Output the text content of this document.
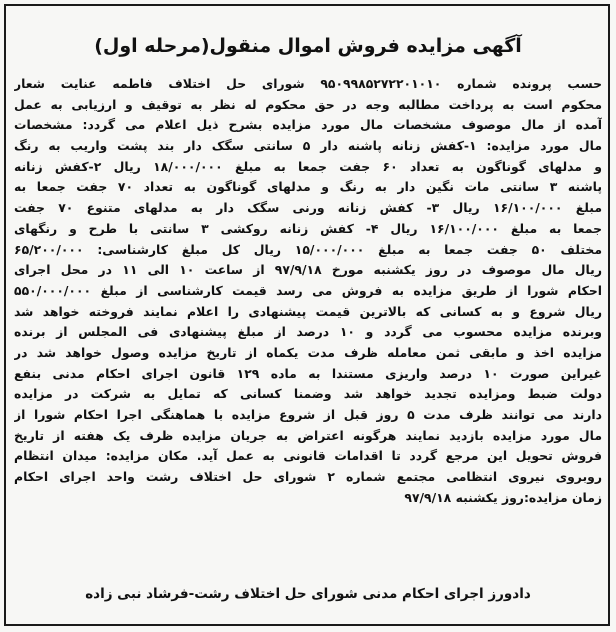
آگهی مزایده فروش اموال منقول(مرحله اول)
حسب پرونده شماره ۹۵۰۹۹۸۵۲۷۲۲۰۱۰۱۰ شورای حل اختلاف فاطمه عنایت شعار
محکوم است به پرداخت مطالبه وجه در حق محکوم له نظر به توقیف و ارزیابی به عمل
آمده از مال موصوف مشخصات مال مورد مزایده بشرح ذیل اعلام می گردد: مشخصات
مال مورد مزایده: ۱-کفش زنانه پاشنه دار ۵ سانتی سگک دار بند پشت واریب به رنگ
و مدلهای گوناگون به تعداد ۶۰ جفت جمعا به مبلغ ۱۸/۰۰۰/۰۰۰ ریال ۲-کفش زنانه
پاشنه ۳ سانتی مات نگین دار به رنگ و مدلهای گوناگون به تعداد ۷۰ جفت جمعا به
مبلغ ۱۶/۱۰۰/۰۰۰ ریال ۳- کفش زنانه ورنی سگک دار به مدلهای متنوع ۷۰ جفت
جمعا به مبلغ ۱۶/۱۰۰/۰۰۰ ریال ۴- کفش زنانه روکشی ۳ سانتی با طرح و رنگهای
مختلف ۵۰ جفت جمعا به مبلغ ۱۵/۰۰۰/۰۰۰ ریال کل مبلغ کارشناسی: ۶۵/۲۰۰/۰۰۰
ریال مال موصوف در روز یکشنبه مورخ ۹۷/۹/۱۸ از ساعت ۱۰ الی ۱۱ در محل اجرای
احکام شورا از طریق مزایده به فروش می رسد قیمت کارشناسی از مبلغ ۵۵۰/۰۰۰/۰۰۰
ریال شروع و به کسانی که بالاترین قیمت پیشنهادی را اعلام نمایند فروخته خواهد شد
وبرنده مزایده محسوب می گردد و ۱۰ درصد از مبلغ پیشنهادی فی المجلس از برنده
مزایده اخذ و مابقی ثمن معامله ظرف مدت یکماه از تاریخ مزایده وصول خواهد شد در
غیراین صورت ۱۰ درصد واریزی مستندا به ماده ۱۲۹ قانون اجرای احکام مدنی بنفع
دولت ضبط ومزایده تجدید خواهد شد وضمنا کسانی که تمایل به شرکت در مزایده
دارند می توانند ظرف مدت ۵ روز قبل از شروع مزایده با هماهنگی اجرا احکام شورا از
مال مورد مزایده بازدید نمایند هرگونه اعتراض به جریان مزایده ظرف یک هفته از تاریخ
فروش تحویل این مرجع گردد تا اقدامات قانونی به عمل آید. مکان مزایده: میدان انتظام
روبروی نیروی انتظامی مجتمع شماره ۲ شورای حل اختلاف رشت واحد اجرای احکام
زمان مزایده:روز یکشنبه ۹۷/۹/۱۸
دادورز اجرای احکام مدنی شورای حل اختلاف رشت-فرشاد نبی زاده
